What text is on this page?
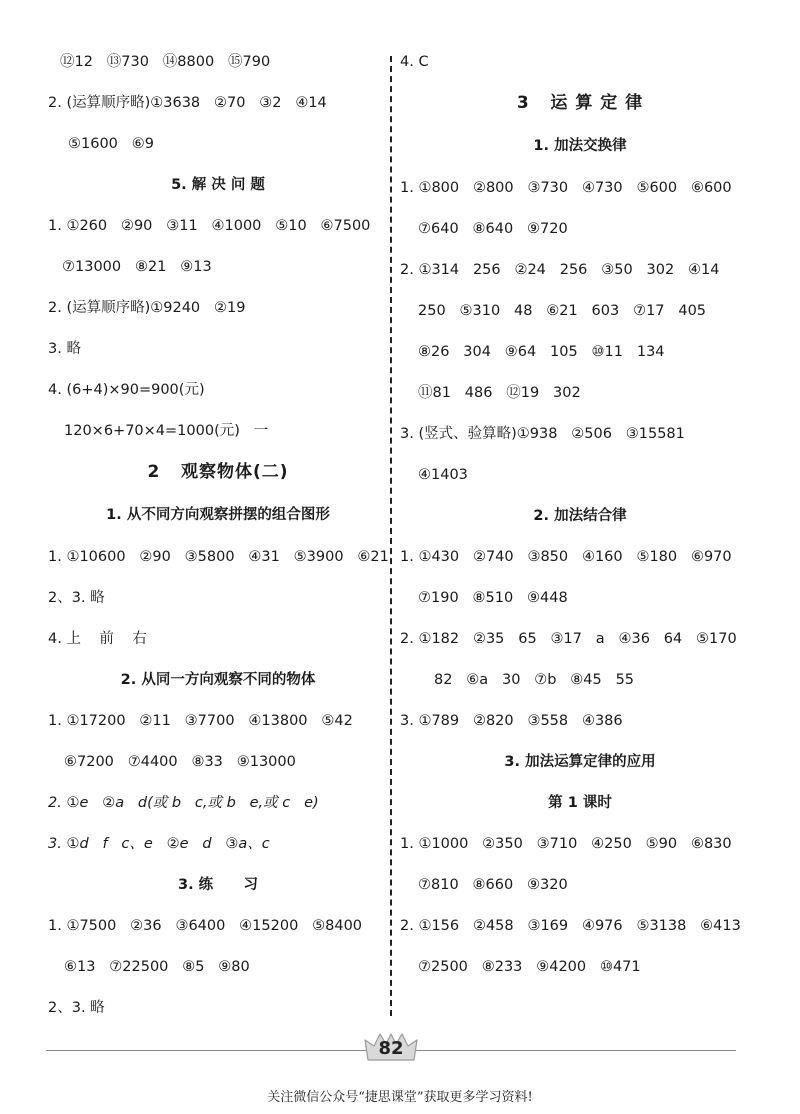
⑫12   ⑬730   ⑭8800   ⑮790
2. (运算顺序略)①3638   ②70   ③2   ④14
⑤1600   ⑥9
5. 解 决 问 题
1. ①260   ②90   ③11   ④1000   ⑤10   ⑥7500
⑦13000   ⑧21   ⑨13
2. (运算顺序略)①9240   ②19
3. 略
4. (6+4)×90=900(元)
120×6+70×4=1000(元)   一
2   观察物体(二)
1. 从不同方向观察拼摆的组合图形
1. ①10600   ②90   ③5800   ④31   ⑤3900   ⑥21
2、3. 略
4. 上    前    右
2. 从同一方向观察不同的物体
1. ①17200   ②11   ③7700   ④13800   ⑤42
⑥7200   ⑦4400   ⑧33   ⑨13000
2. ①e   ②a   d(或 b   c,或 b   e,或 c   e)
3. ①d   f   c、e   ②e   d   ③a、c
3. 练      习
1. ①7500   ②36   ③6400   ④15200   ⑤8400
⑥13   ⑦22500   ⑧5   ⑨80
2、3. 略
4. C
3   运 算 定 律
1. 加法交换律
1. ①800   ②800   ③730   ④730   ⑤600   ⑥600
⑦640   ⑧640   ⑨720
2. ①314   256   ②24   256   ③50   302   ④14
250   ⑤310   48   ⑥21   603   ⑦17   405
⑧26   304   ⑨64   105   ⑩11   134
⑪81   486   ⑫19   302
3. (竖式、验算略)①938   ②506   ③15581
④1403
2. 加法结合律
1. ①430   ②740   ③850   ④160   ⑤180   ⑥970
⑦190   ⑧510   ⑨448
2. ①182   ②35   65   ③17   a   ④36   64   ⑤170
82   ⑥a   30   ⑦b   ⑧45   55
3. ①789   ②820   ③558   ④386
3. 加法运算定律的应用
第 1 课时
1. ①1000   ②350   ③710   ④250   ⑤90   ⑥830
⑦810   ⑧660   ⑨320
2. ①156   ②458   ③169   ④976   ⑤3138   ⑥413
⑦2500   ⑧233   ⑨4200   ⑩471
82
关注微信公众号“捷思课堂”获取更多学习资料!
